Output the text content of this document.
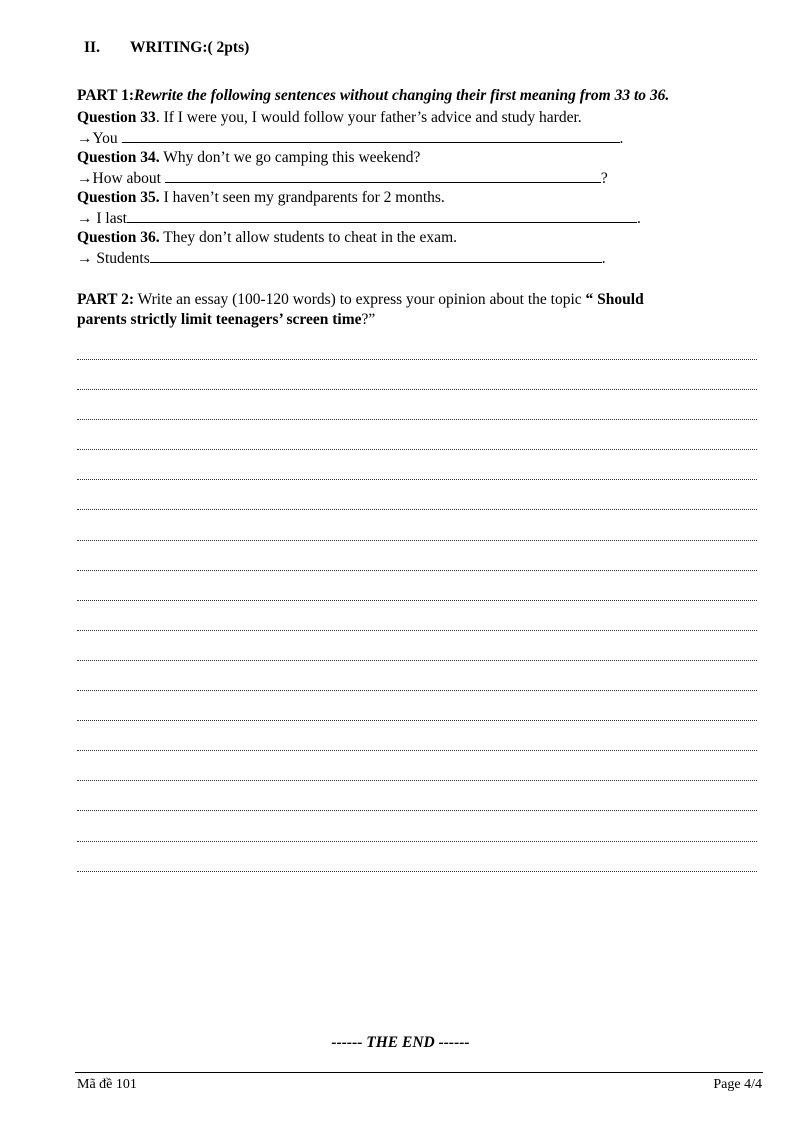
II. WRITING:( 2pts)
PART 1:Rewrite the following sentences without changing their first meaning from 33 to 36.
Question 33. If I were you, I would follow your father’s advice and study harder.
→You	.
Question 34. Why don’t we go camping this weekend?
→How about	?
Question 35. I haven’t seen my grandparents for 2 months.
→ I last	.
Question 36. They don’t allow students to cheat in the exam.
→ Students	.
PART 2: Write an essay (100-120 words) to express your opinion about the topic “ Should
parents strictly limit teenagers’ screen time?”
------ THE END ------
Mã đề 101	Page 4/4
